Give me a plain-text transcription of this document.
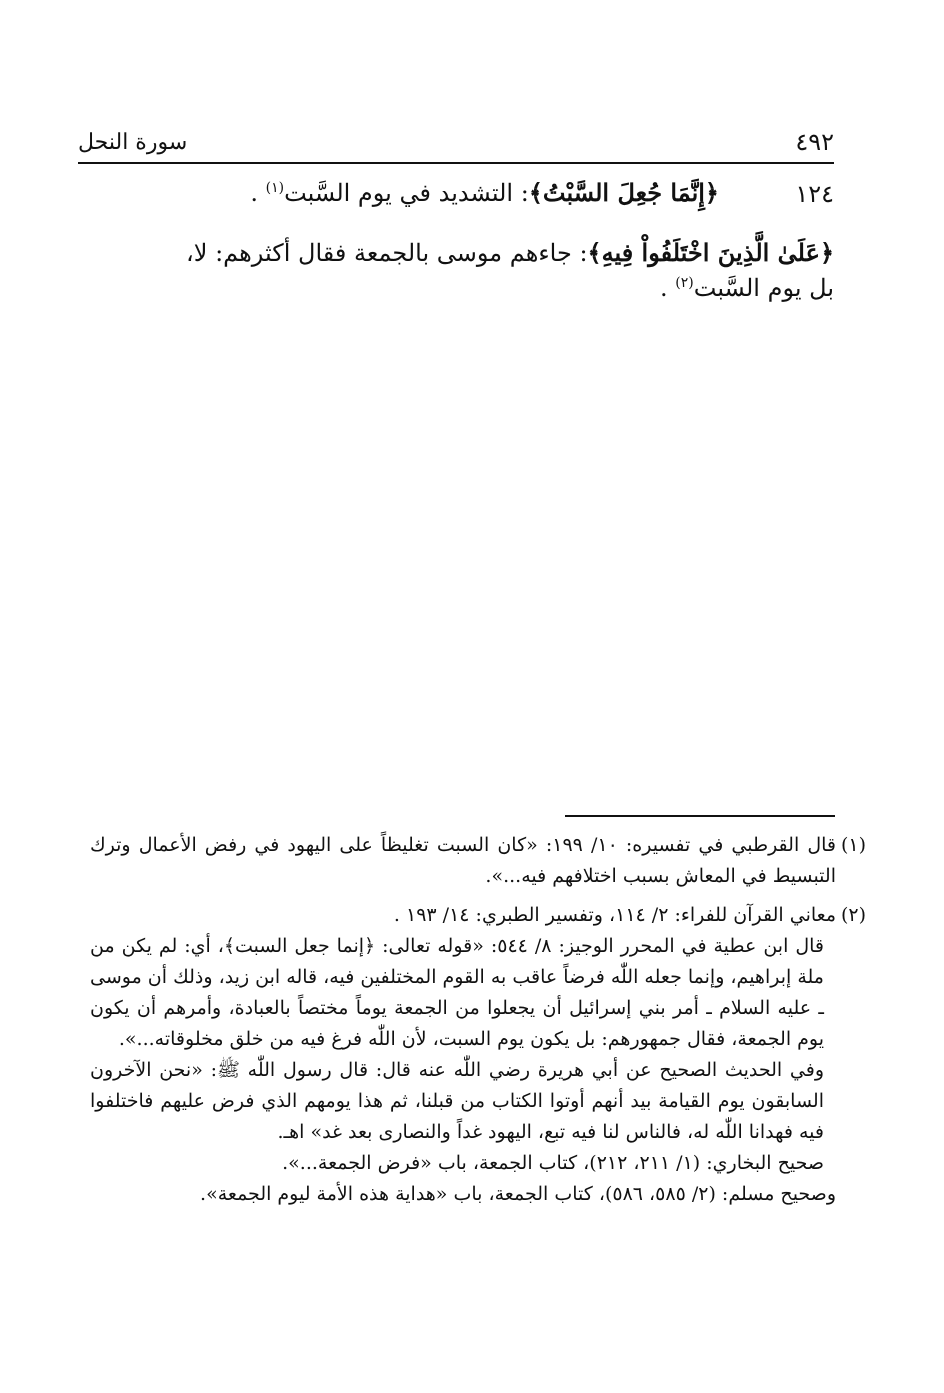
٤٩٢
سورة النحل
١٢٤
﴿إِنَّمَا جُعِلَ السَّبْتُ﴾: التشديد في يوم السَّبت$^{(١)}$ .
﴿عَلَىٰ الَّذِينَ اخْتَلَفُواْ فِيهِ﴾: جاءهم موسى بالجمعة فقال أكثرهم: لا،
بل يوم السَّبت$^{(٢)}$ .
(١)
قال القرطبي في تفسيره: ١٠/ ١٩٩: «كان السبت تغليظاً على اليهود في رفض الأعمال وترك التبسيط في المعاش بسبب اختلافهم فيه...».
(٢)

معاني القرآن للفراء: ٢/ ١١٤، وتفسير الطبري: ١٤/ ١٩٣ .

قال ابن عطية في المحرر الوجيز: ٨/ ٥٤٤: «قوله تعالى: ﴿إنما جعل السبت﴾، أي: لم يكن من ملة إبراهيم، وإنما جعله اللّٰه فرضاً عاقب به القوم المختلفين فيه، قاله ابن زيد، وذلك أن موسى ـ عليه السلام ـ أمر بني إسرائيل أن يجعلوا من الجمعة يوماً مختصاً بالعبادة، وأمرهم أن يكون يوم الجمعة، فقال جمهورهم: بل يكون يوم السبت، لأن اللّٰه فرغ فيه من خلق مخلوقاته...».

وفي الحديث الصحيح عن أبي هريرة رضي اللّٰه عنه قال: قال رسول اللّٰه ﷺ: «نحن الآخرون السابقون يوم القيامة بيد أنهم أوتوا الكتاب من قبلنا، ثم هذا يومهم الذي فرض عليهم فاختلفوا فيه فهدانا اللّٰه له، فالناس لنا فيه تبع، اليهود غداً والنصارى بعد غد» اهـ.

صحيح البخاري: (١/ ٢١١، ٢١٢)، كتاب الجمعة، باب «فرض الجمعة...».

وصحيح مسلم: (٢/ ٥٨٥، ٥٨٦)، كتاب الجمعة، باب «هداية هذه الأمة ليوم الجمعة».
